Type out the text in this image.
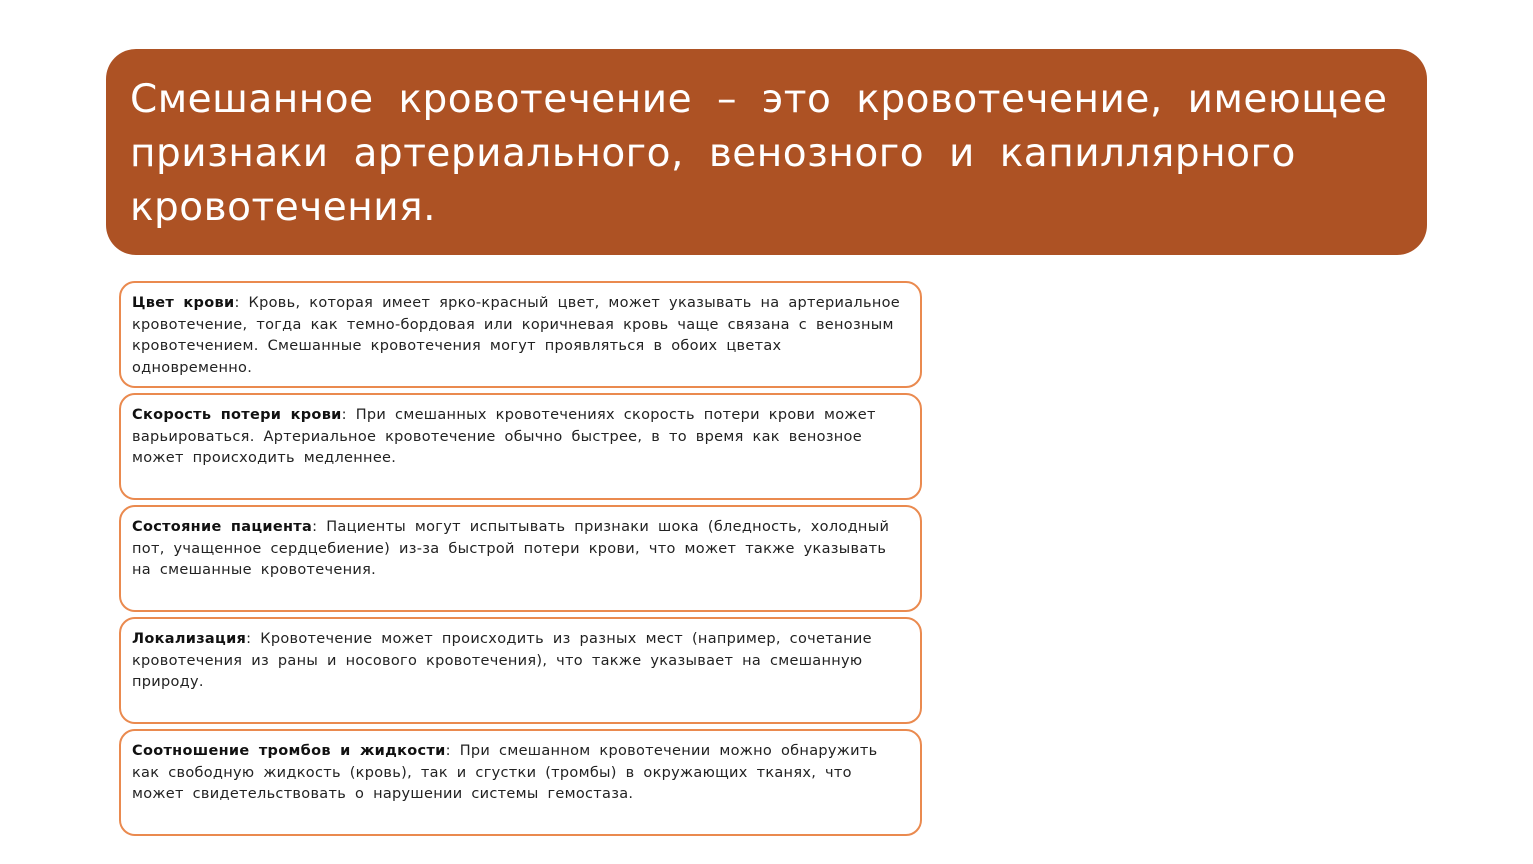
Смешанное кровотечение – это кровотечение, имеющее признаки артериального, венозного и капиллярного кровотечения.

Цвет крови: Кровь, которая имеет ярко-красный цвет, может указывать на артериальное кровотечение, тогда как темно-бордовая или коричневая кровь чаще связана с венозным кровотечением. Смешанные кровотечения могут проявляться в обоих цветах одновременно.

Скорость потери крови: При смешанных кровотечениях скорость потери крови может варьироваться. Артериальное кровотечение обычно быстрее, в то время как венозное может происходить медленнее.

Состояние пациента: Пациенты могут испытывать признаки шока (бледность, холодный пот, учащенное сердцебиение) из-за быстрой потери крови, что может также указывать на смешанные кровотечения.

Локализация: Кровотечение может происходить из разных мест (например, сочетание кровотечения из раны и носового кровотечения), что также указывает на смешанную природу.

Соотношение тромбов и жидкости: При смешанном кровотечении можно обнаружить как свободную жидкость (кровь), так и сгустки (тромбы) в окружающих тканях, что может свидетельствовать о нарушении системы гемостаза.
